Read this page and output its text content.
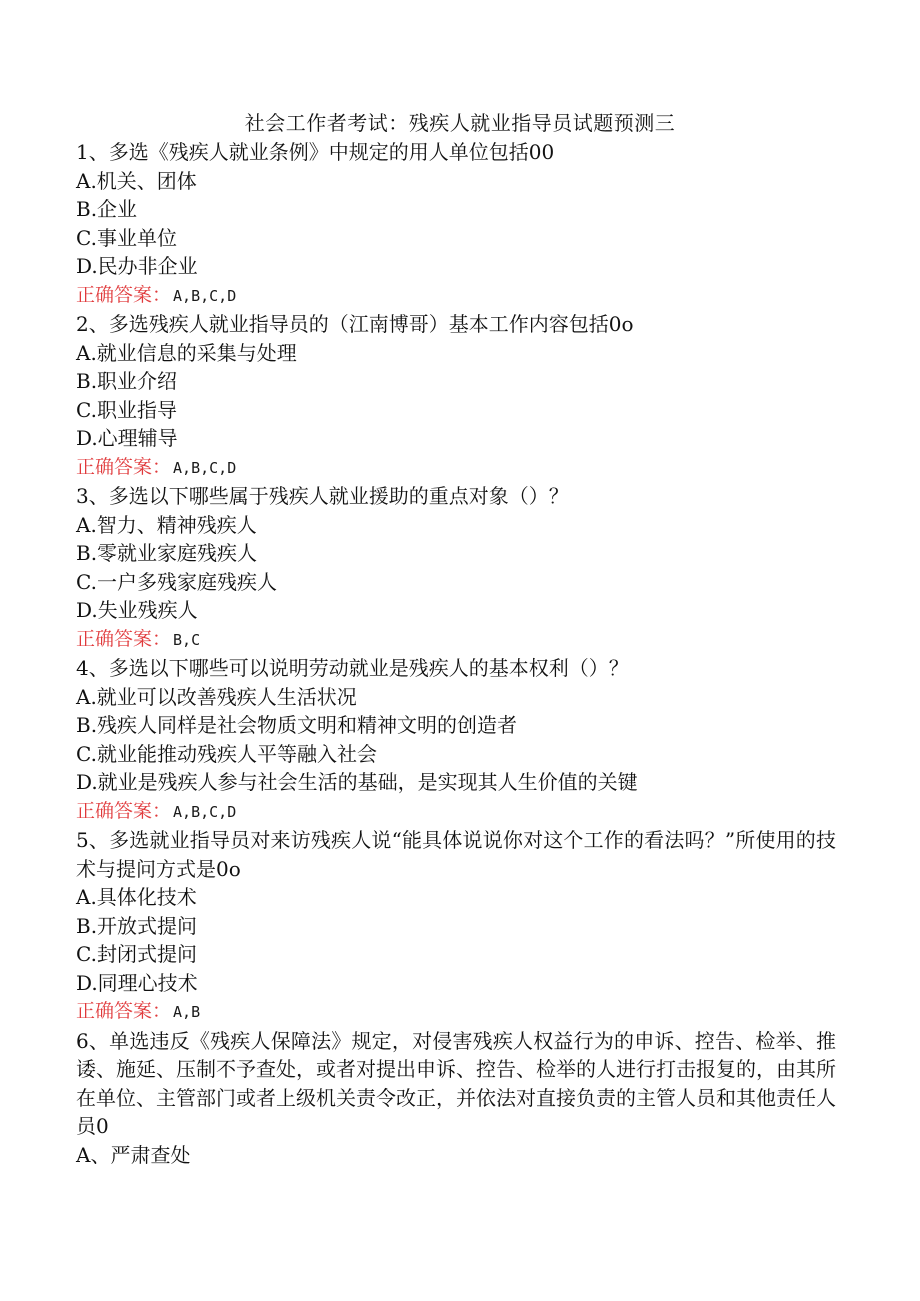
社会工作者考试：残疾人就业指导员试题预测三
1、多选《残疾人就业条例》中规定的用人单位包括00
A.机关、团体
B.企业
C.事业单位
D.民办非企业
正确答案： A,B,C,D
2、多选残疾人就业指导员的（江南博哥）基本工作内容包括0o
A.就业信息的采集与处理
B.职业介绍
C.职业指导
D.心理辅导
正确答案： A,B,C,D
3、多选以下哪些属于残疾人就业援助的重点对象（）？
A.智力、精神残疾人
B.零就业家庭残疾人
C.一户多残家庭残疾人
D.失业残疾人
正确答案： B,C
4、多选以下哪些可以说明劳动就业是残疾人的基本权利（）？
A.就业可以改善残疾人生活状况
B.残疾人同样是社会物质文明和精神文明的创造者
C.就业能推动残疾人平等融入社会
D.就业是残疾人参与社会生活的基础，是实现其人生价值的关键
正确答案： A,B,C,D
5、多选就业指导员对来访残疾人说“能具体说说你对这个工作的看法吗？”所使用的技术与提问方式是0o
A.具体化技术
B.开放式提问
C.封闭式提问
D.同理心技术
正确答案： A,B
6、单选违反《残疾人保障法》规定，对侵害残疾人权益行为的申诉、控告、检举、推诿、施延、压制不予查处，或者对提出申诉、控告、检举的人进行打击报复的，由其所在单位、主管部门或者上级机关责令改正，并依法对直接负责的主管人员和其他责任人员0
A、严肃查处
